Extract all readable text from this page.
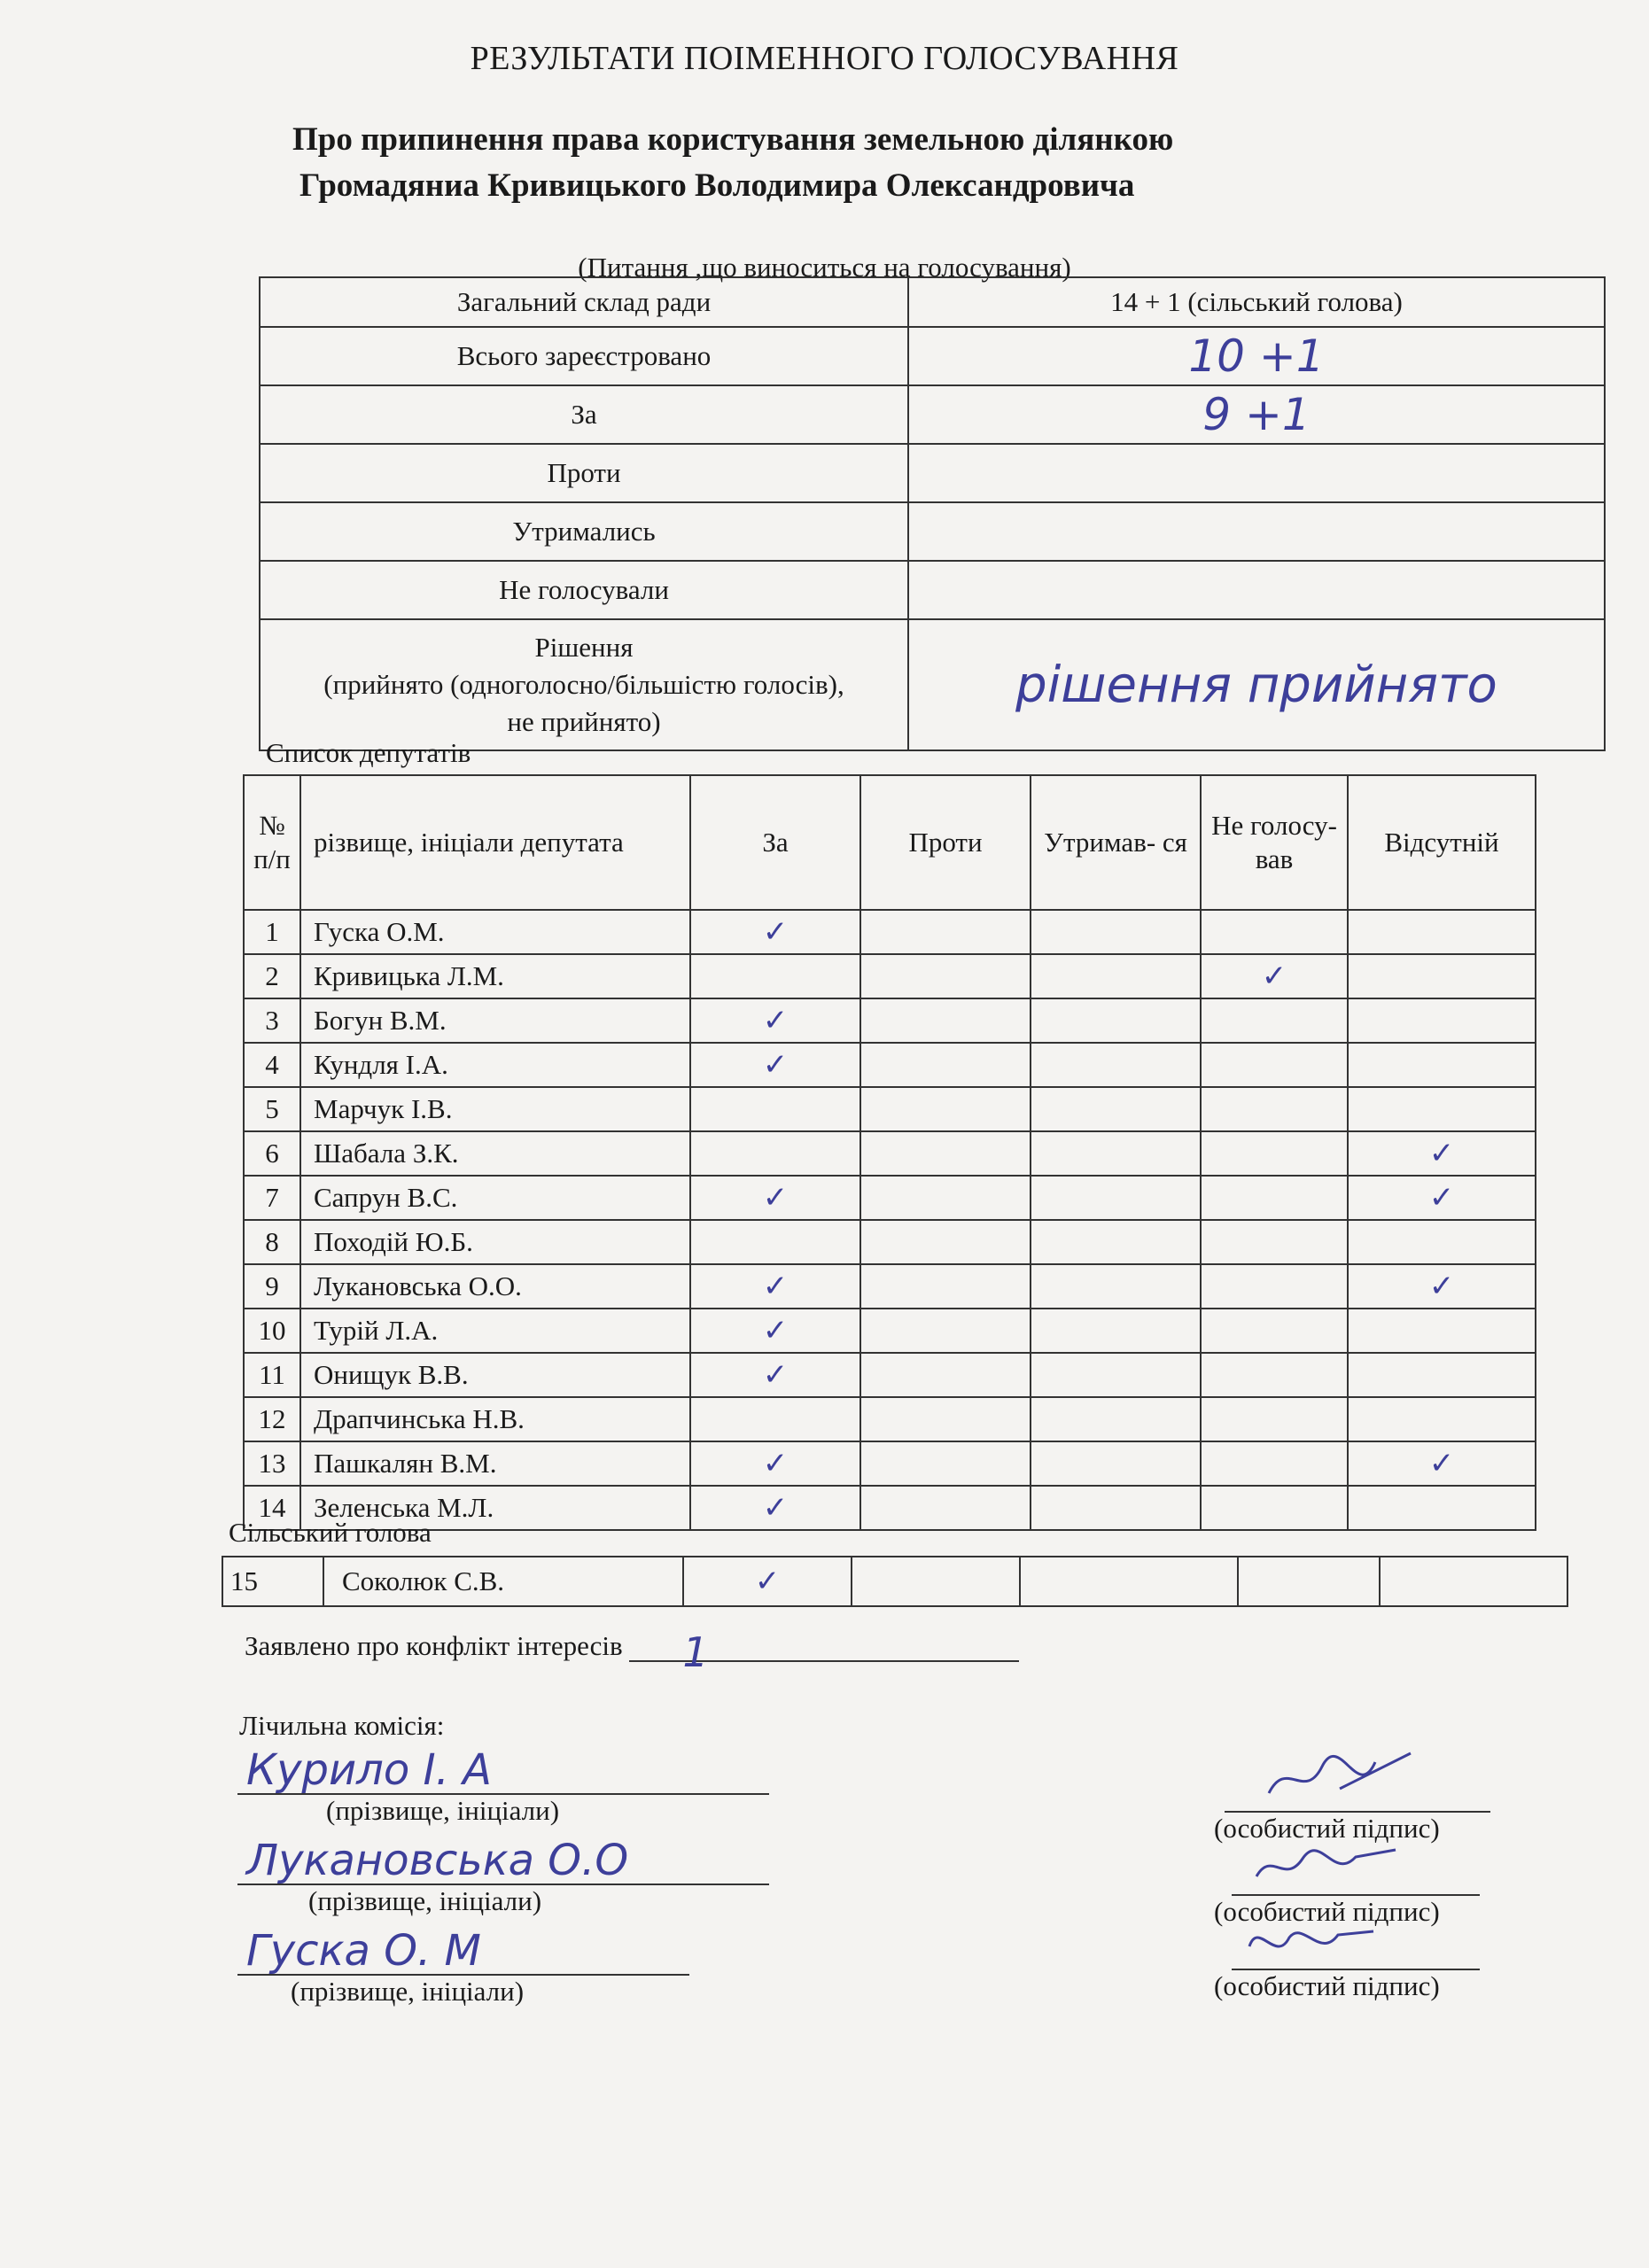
РЕЗУЛЬТАТИ ПОІМЕННОГО ГОЛОСУВАННЯ
Про припинення права користування земельною ділянкою
Громадяниа Кривицького Володимира Олександровича
(Питання ,що виноситься на голосування)
Загальний склад ради	14 + 1 (сільський голова)
Всього зареєстровано	10 +1
За	9 +1
Проти	
Утримались	
Не голосували	

Рішення
(прийнято (одноголосно/більшістю голосів),
не прийнято)	рішення прийнято
Список депутатів
№ п/п	різвище, ініціали депутата	За	Проти	Утримав- ся	Не голосу- вав	Відсутній
1	Гуска О.М.	✓				
2	Кривицька Л.М.				✓	
3	Богун В.М.	✓				
4	Кундля І.А.	✓				
5	Марчук І.В.					
6	Шабала З.К.					✓
7	Сапрун В.С.	✓				✓
8	Походій Ю.Б.					
9	Лукановська О.О.	✓				✓
10	Турій Л.А.	✓				
11	Онищук В.В.	✓				
12	Драпчинська Н.В.					
13	Пашкалян В.М.	✓				✓
14	Зеленська М.Л.	✓				
Сільський голова
15	Соколюк С.В.	✓				
Заявлено про конфлікт інтересів 1
Лічильна комісія:
Курило І. А
(прізвище, ініціали)
Лукановська О.О
(прізвище, ініціали)
Гуска О. М
(прізвище, ініціали)
(особистий підпис)
(особистий підпис)
(особистий підпис)
